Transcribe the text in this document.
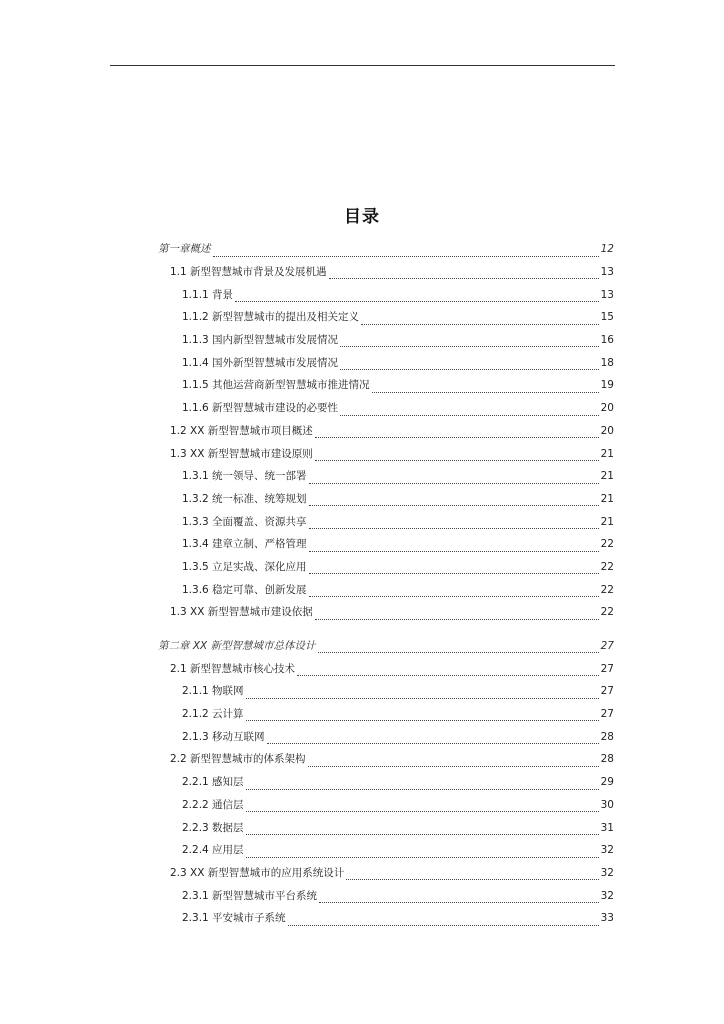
目录
第一章概述	12
1.1 新型智慧城市背景及发展机遇	13
1.1.1 背景	13
1.1.2 新型智慧城市的提出及相关定义	15
1.1.3 国内新型智慧城市发展情况	16
1.1.4 国外新型智慧城市发展情况	18
1.1.5 其他运营商新型智慧城市推进情况	19
1.1.6 新型智慧城市建设的必要性	20
1.2 XX 新型智慧城市项目概述	20
1.3 XX 新型智慧城市建设原则	21
1.3.1 统一领导、统一部署	21
1.3.2 统一标准、统筹规划	21
1.3.3 全面覆盖、资源共享	21
1.3.4 建章立制、严格管理	22
1.3.5 立足实战、深化应用	22
1.3.6 稳定可靠、创新发展	22
1.3 XX 新型智慧城市建设依据	22
第二章 XX 新型智慧城市总体设计	27
2.1 新型智慧城市核心技术	27
2.1.1 物联网	27
2.1.2 云计算	27
2.1.3 移动互联网	28
2.2 新型智慧城市的体系架构	28
2.2.1 感知层	29
2.2.2 通信层	30
2.2.3 数据层	31
2.2.4 应用层	32
2.3 XX 新型智慧城市的应用系统设计	32
2.3.1 新型智慧城市平台系统	32
2.3.1 平安城市子系统	33
